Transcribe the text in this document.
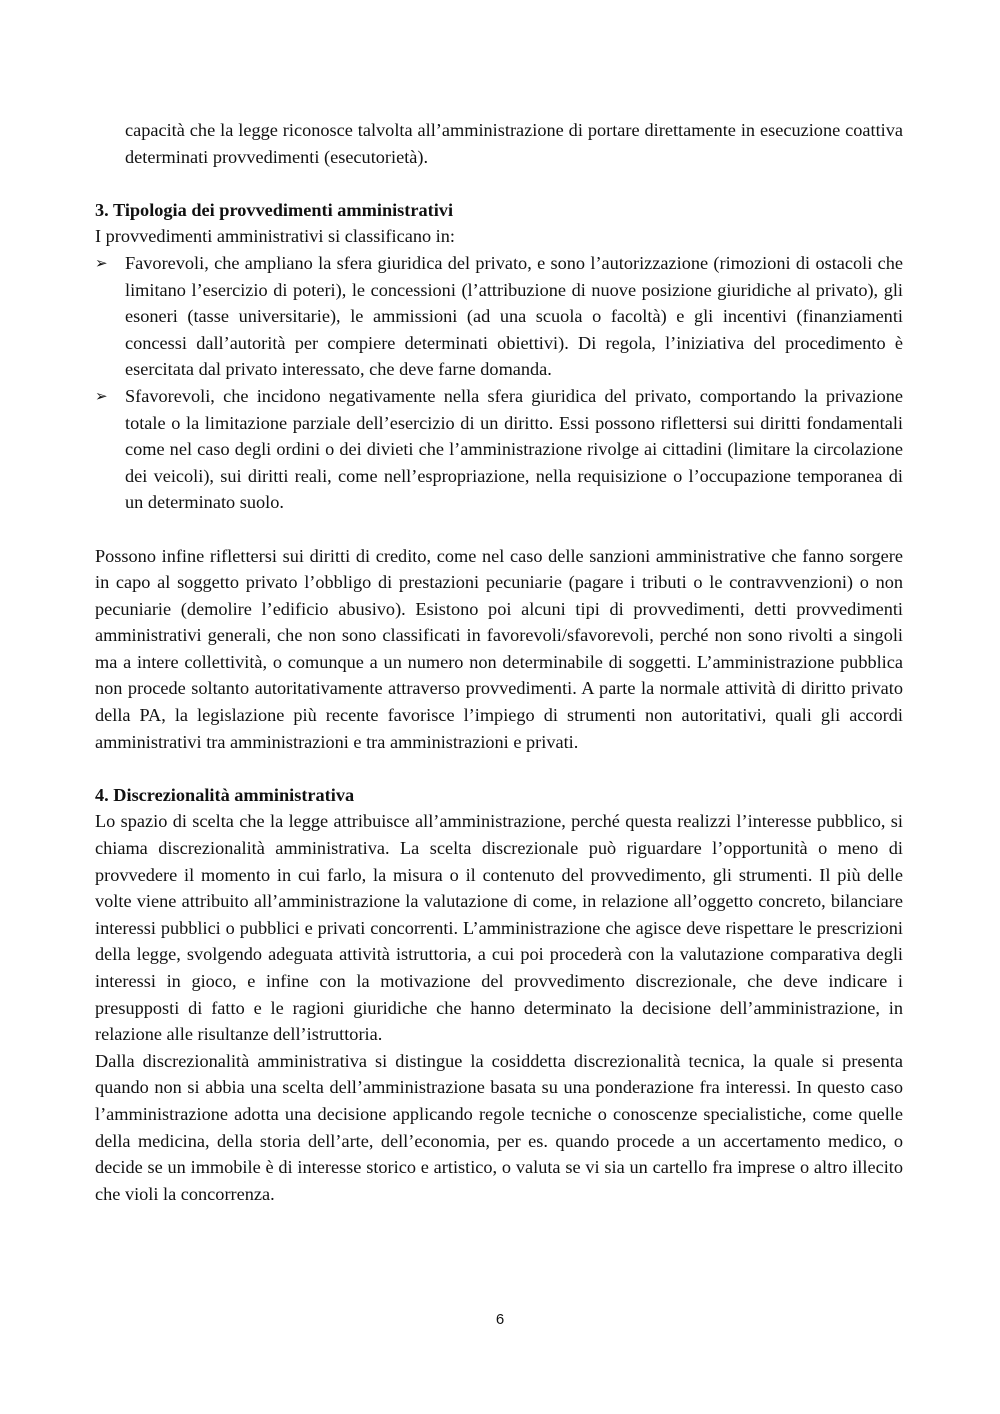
capacità che la legge riconosce talvolta all’amministrazione di portare direttamente in esecuzione coattiva determinati provvedimenti (esecutorietà).

3. Tipologia dei provvedimenti amministrativi

I provvedimenti amministrativi si classificano in:

➢ Favorevoli, che ampliano la sfera giuridica del privato, e sono l’autorizzazione (rimozioni di ostacoli che limitano l’esercizio di poteri), le concessioni (l’attribuzione di nuove posizione giuridiche al privato), gli esoneri (tasse universitarie), le ammissioni (ad una scuola o facoltà) e gli incentivi (finanziamenti concessi dall’autorità per compiere determinati obiettivi). Di regola, l’iniziativa del procedimento è esercitata dal privato interessato, che deve farne domanda.
➢ Sfavorevoli, che incidono negativamente nella sfera giuridica del privato, comportando la privazione totale o la limitazione parziale dell’esercizio di un diritto. Essi possono riflettersi sui diritti fondamentali come nel caso degli ordini o dei divieti che l’amministrazione rivolge ai cittadini (limitare la circolazione dei veicoli), sui diritti reali, come nell’espropriazione, nella requisizione o l’occupazione temporanea di un determinato suolo.

Possono infine riflettersi sui diritti di credito, come nel caso delle sanzioni amministrative che fanno sorgere in capo al soggetto privato l’obbligo di prestazioni pecuniarie (pagare i tributi o le contravvenzioni) o non pecuniarie (demolire l’edificio abusivo). Esistono poi alcuni tipi di provvedimenti, detti provvedimenti amministrativi generali, che non sono classificati in favorevoli/sfavorevoli, perché non sono rivolti a singoli ma a intere collettività, o comunque a un numero non determinabile di soggetti. L’amministrazione pubblica non procede soltanto autoritativamente attraverso provvedimenti. A parte la normale attività di diritto privato della PA, la legislazione più recente favorisce l’impiego di strumenti non autoritativi, quali gli accordi amministrativi tra amministrazioni e tra amministrazioni e privati.

4. Discrezionalità amministrativa

Lo spazio di scelta che la legge attribuisce all’amministrazione, perché questa realizzi l’interesse pubblico, si chiama discrezionalità amministrativa. La scelta discrezionale può riguardare l’opportunità o meno di provvedere il momento in cui farlo, la misura o il contenuto del provvedimento, gli strumenti. Il più delle volte viene attribuito all’amministrazione la valutazione di come, in relazione all’oggetto concreto, bilanciare interessi pubblici o pubblici e privati concorrenti. L’amministrazione che agisce deve rispettare le prescrizioni della legge, svolgendo adeguata attività istruttoria, a cui poi procederà con la valutazione comparativa degli interessi in gioco, e infine con la motivazione del provvedimento discrezionale, che deve indicare i presupposti di fatto e le ragioni giuridiche che hanno determinato la decisione dell’amministrazione, in relazione alle risultanze dell’istruttoria.

Dalla discrezionalità amministrativa si distingue la cosiddetta discrezionalità tecnica, la quale si presenta quando non si abbia una scelta dell’amministrazione basata su una ponderazione fra interessi. In questo caso l’amministrazione adotta una decisione applicando regole tecniche o conoscenze specialistiche, come quelle della medicina, della storia dell’arte, dell’economia, per es. quando procede a un accertamento medico, o decide se un immobile è di interesse storico e artistico, o valuta se vi sia un cartello fra imprese o altro illecito che violi la concorrenza.

6
